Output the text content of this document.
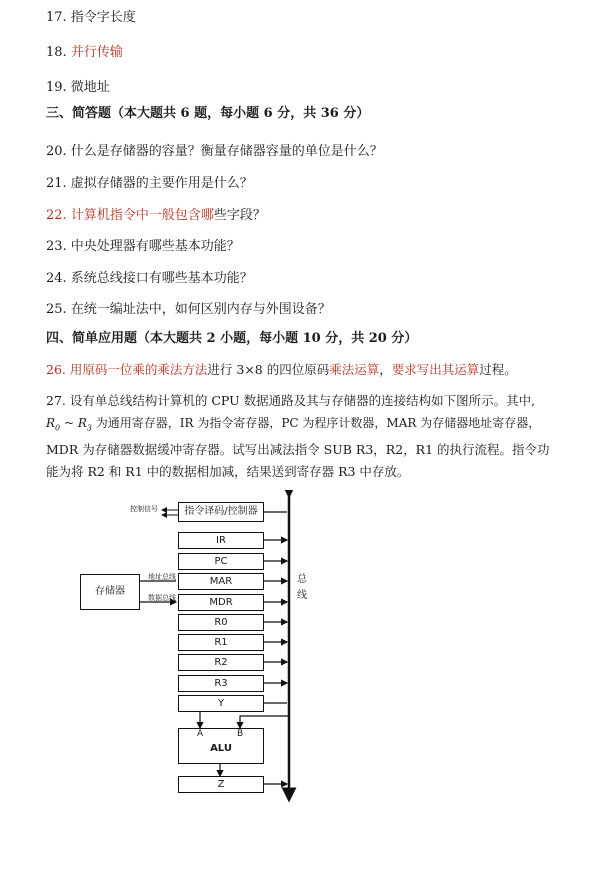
17. 指令字长度
18. 并行传输
19. 微地址
三、简答题（本大题共 6 题，每小题 6 分，共 36 分）
20. 什么是存储器的容量？衡量存储器容量的单位是什么？
21. 虚拟存储器的主要作用是什么？
22. 计算机指令中一般包含哪些字段？
23. 中央处理器有哪些基本功能？
24. 系统总线接口有哪些基本功能？
25. 在统一编址法中，如何区别内存与外围设备？
四、简单应用题（本大题共 2 小题，每小题 10 分，共 20 分）
26. 用原码一位乘的乘法方法进行 3×8 的四位原码乘法运算，要求写出其运算过程。
27. 设有单总线结构计算机的 CPU 数据通路及其与存储器的连接结构如下图所示。其中,
$R_0$ ~ $R_3$ 为通用寄存器，IR 为指令寄存器，PC 为程序计数器，MAR 为存储器地址寄存器，
MDR 为存储器数据缓冲寄存器。试写出减法指令 SUB R3，R2，R1 的执行流程。指令功
能为将 R2 和 R1 中的数据相加减，结果送到寄存器 R3 中存放。
控制信号	指令译码/控制器
存储器
地址总线
数据总线
IR
PC
MAR
MDR
R0
R1
R2
R3
Y
A	B
ALU
Z
总
线
